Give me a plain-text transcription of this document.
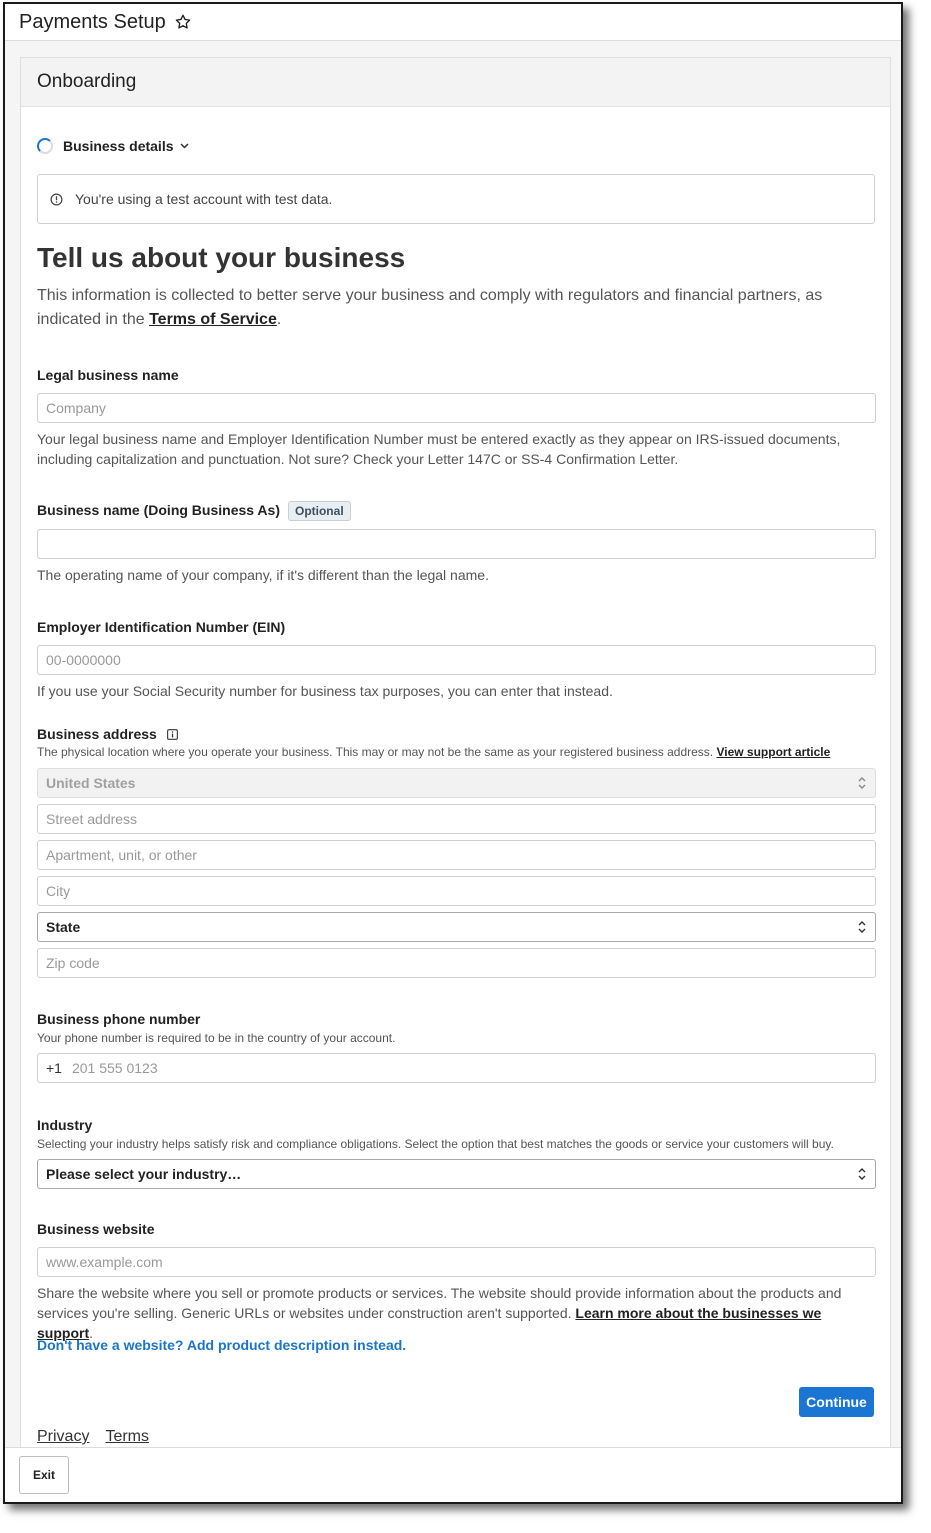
Payments Setup
Onboarding
Business details
You're using a test account with test data.
Tell us about your business
This information is collected to better serve your business and comply with regulators and financial partners, as indicated in the Terms of Service.
Legal business name
Company
Your legal business name and Employer Identification Number must be entered exactly as they appear on IRS-issued documents, including capitalization and punctuation. Not sure? Check your Letter 147C or SS-4 Confirmation Letter.
Business name (Doing Business As) Optional
The operating name of your company, if it's different than the legal name.
Employer Identification Number (EIN)
00-0000000
If you use your Social Security number for business tax purposes, you can enter that instead.
Business address
The physical location where you operate your business. This may or may not be the same as your registered business address. View support article
United States
Street address
Apartment, unit, or other
City
State
Zip code
Business phone number
Your phone number is required to be in the country of your account.
+1
201 555 0123
Industry
Selecting your industry helps satisfy risk and compliance obligations. Select the option that best matches the goods or service your customers will buy.
Please select your industry…
Business website
www.example.com
Share the website where you sell or promote products or services. The website should provide information about the products and services you're selling. Generic URLs or websites under construction aren't supported. Learn more about the businesses we support.
Don't have a website? Add product description instead.
Continue
Privacy Terms
Exit
